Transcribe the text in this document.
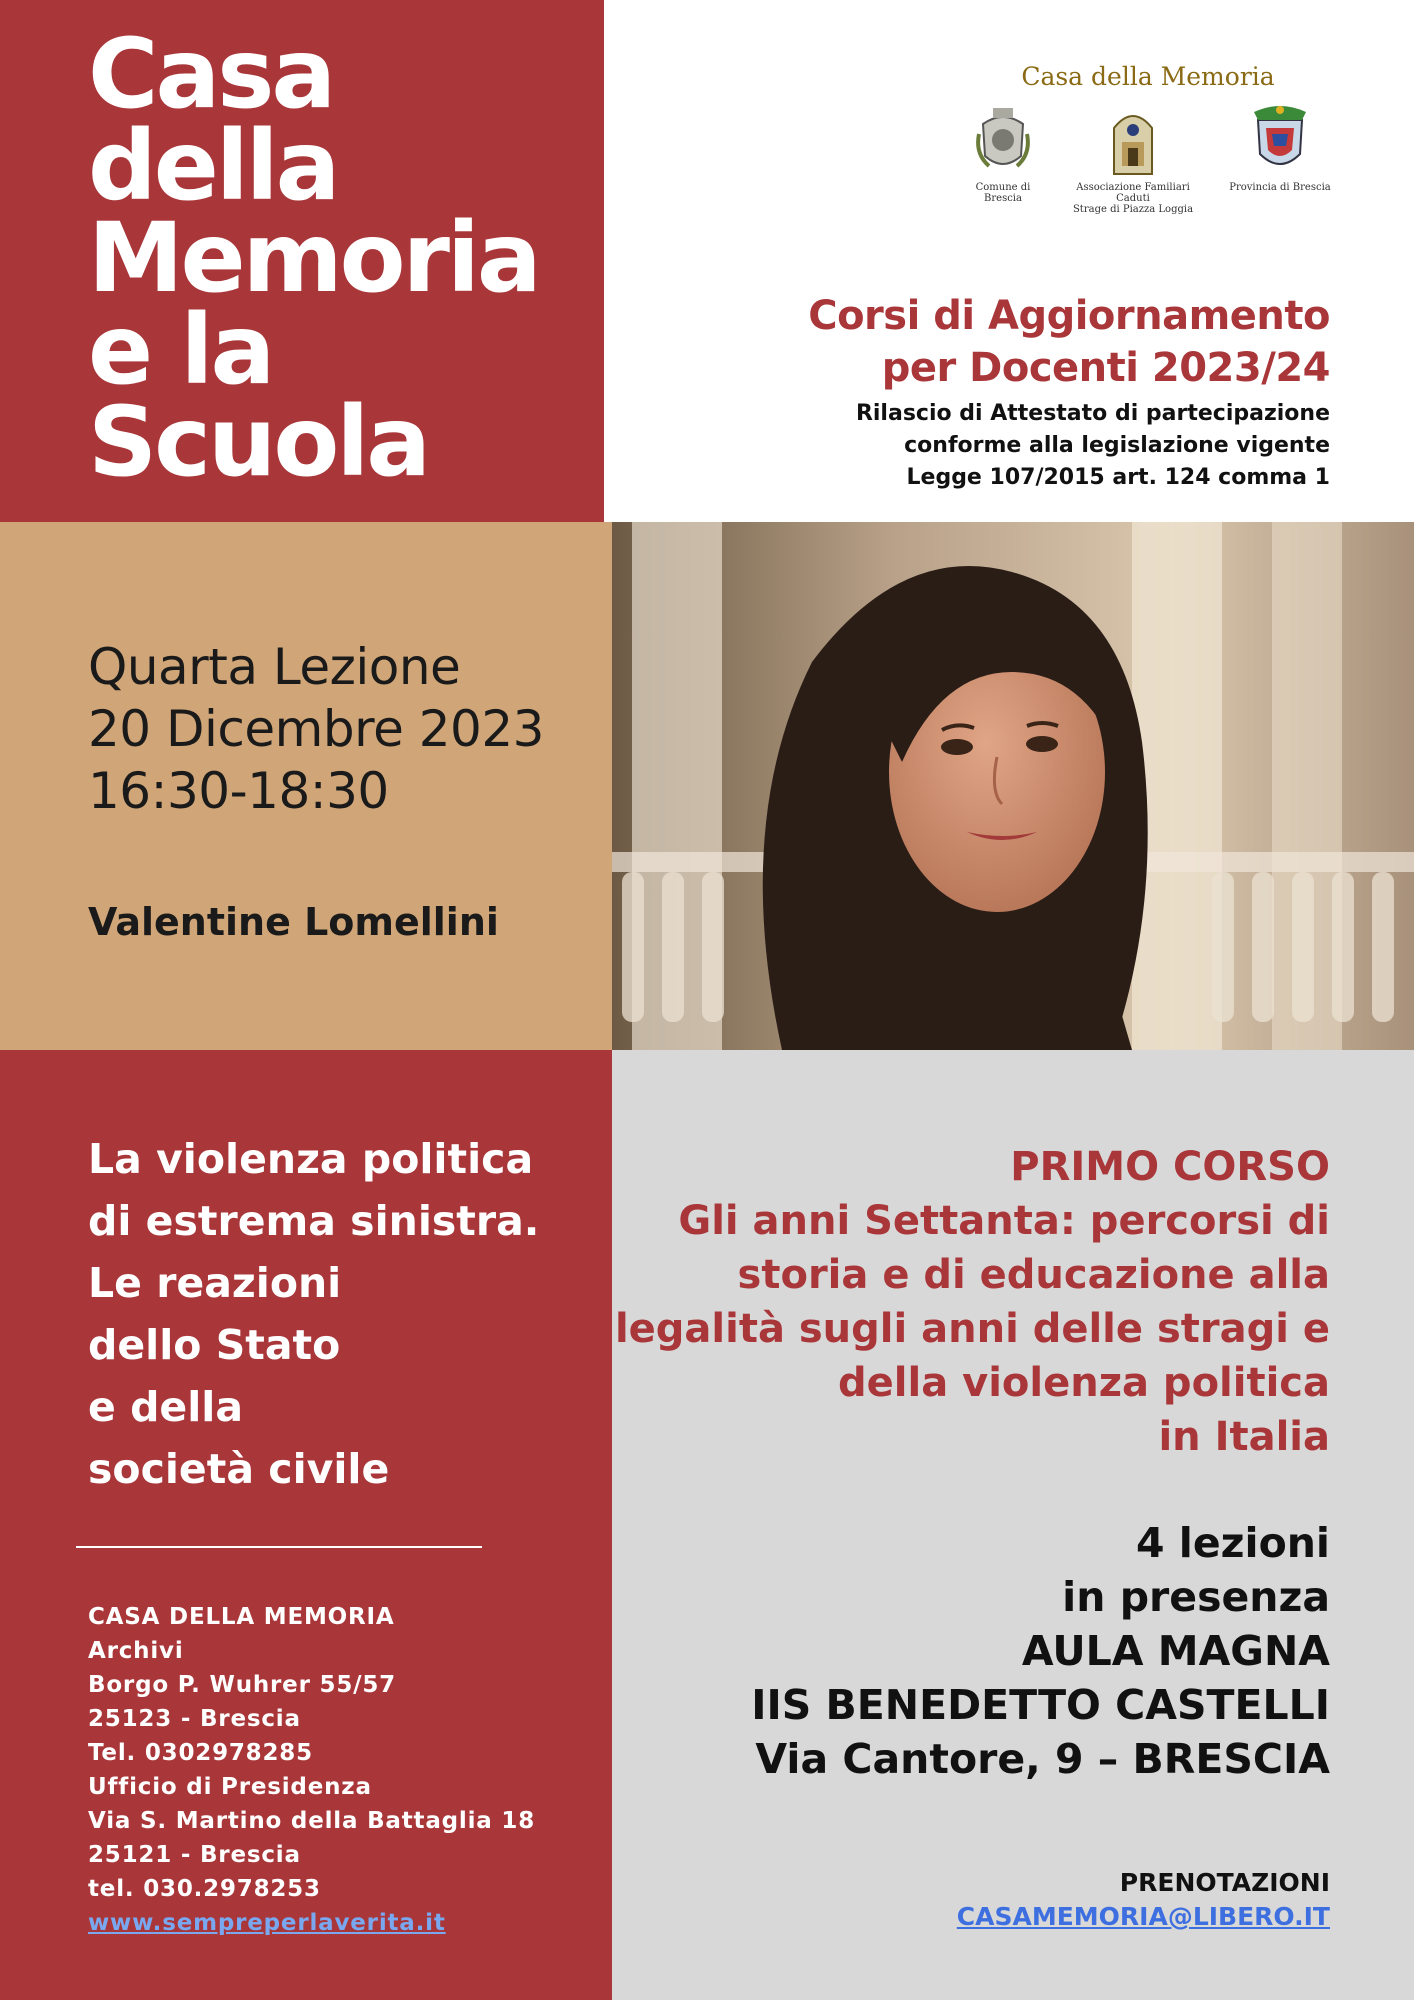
Casa
della
Memoria
e la
Scuola
Casa della Memoria
Comune di Brescia
Associazione Familiari Caduti
Strage di Piazza Loggia
Provincia di Brescia
Corsi di Aggiornamento
per Docenti 2023/24
Rilascio di Attestato di partecipazione
conforme alla legislazione vigente
Legge 107/2015 art. 124 comma 1
Quarta Lezione
20 Dicembre 2023
16:30-18:30
Valentine Lomellini
La violenza politica
di estrema sinistra.
Le reazioni
dello Stato
e della
società civile
CASA DELLA MEMORIA
Archivi
Borgo P. Wuhrer 55/57
25123 - Brescia
Tel. 0302978285
Ufficio di Presidenza
Via S. Martino della Battaglia 18
25121 - Brescia
tel. 030.2978253
www.sempreperlaverita.it
PRIMO CORSO
Gli anni Settanta: percorsi di
storia e di educazione alla
legalità sugli anni delle stragi e
della violenza politica
in Italia
4 lezioni
in presenza
AULA MAGNA
IIS BENEDETTO CASTELLI
Via Cantore, 9 – BRESCIA
PRENOTAZIONI
CASAMEMORIA@LIBERO.IT
